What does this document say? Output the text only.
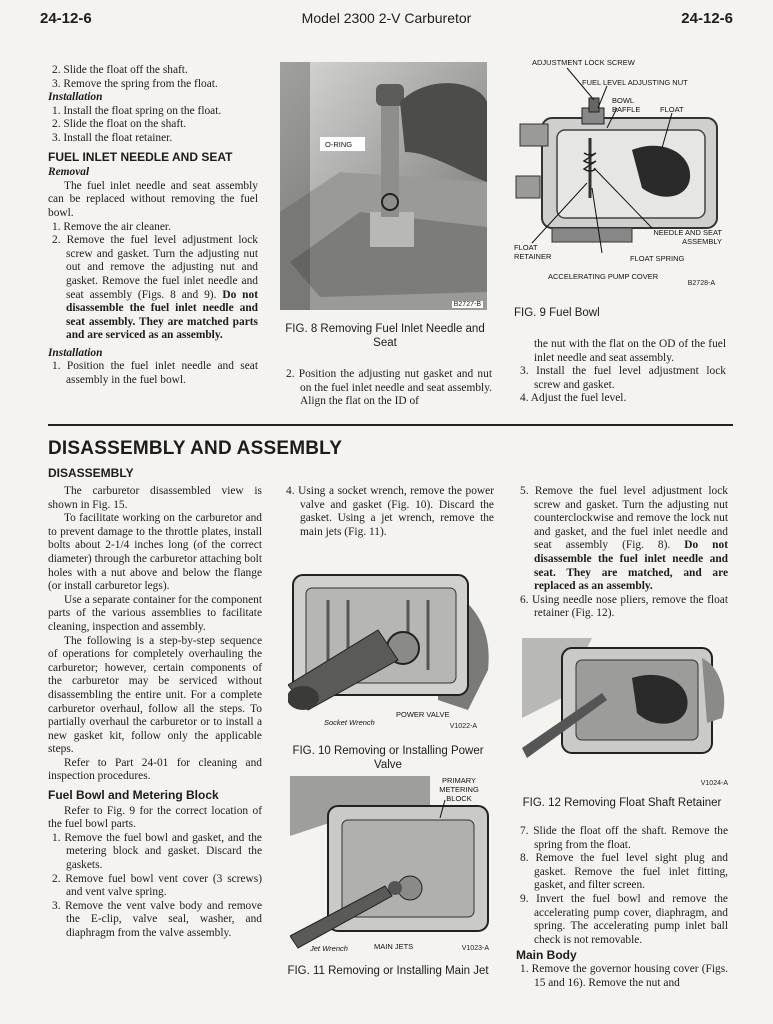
24-12-6	Model 2300 2-V Carburetor	24-12-6

2. Slide the float off the shaft.

3. Remove the spring from the float.

Installation

1. Install the float spring on the float.

2. Slide the float on the shaft.

3. Install the float retainer.

FUEL INLET NEEDLE AND SEAT

Removal

The fuel inlet needle and seat assembly can be replaced without removing the fuel bowl.

1. Remove the air cleaner.

2. Remove the fuel level adjustment lock screw and gasket. Turn the adjusting nut out and remove the adjusting nut and gasket. Remove the fuel inlet needle and seat assembly (Figs. 8 and 9). Do not disassemble the fuel inlet needle and seat assembly. They are matched parts and are serviced as an assembly.

Installation

1. Position the fuel inlet needle and seat assembly in the fuel bowl.

O-RING
B2727-B
FIG. 8 Removing Fuel Inlet Needle and Seat

2. Position the adjusting nut gasket and nut on the fuel inlet needle and seat assembly. Align the flat on the ID of

ADJUSTMENT LOCK SCREW
FUEL LEVEL ADJUSTING NUT
BOWL BAFFLE	FLOAT
NEEDLE AND SEAT ASSEMBLY
FLOAT RETAINER	FLOAT SPRING
ACCELERATING PUMP COVER
B2728-A
FIG. 9 Fuel Bowl

the nut with the flat on the OD of the fuel inlet needle and seat assembly.

3. Install the fuel level adjustment lock screw and gasket.

4. Adjust the fuel level.

DISASSEMBLY AND ASSEMBLY
DISASSEMBLY

The carburetor disassembled view is shown in Fig. 15.

To facilitate working on the carburetor and to prevent damage to the throttle plates, install bolts about 2-1/4 inches long (of the correct diameter) through the carburetor attaching bolt holes with a nut above and below the flange (or install carburetor legs).

Use a separate container for the component parts of the various assemblies to facilitate cleaning, inspection and assembly.

The following is a step-by-step sequence of operations for completely overhauling the carburetor; however, certain components of the carburetor may be serviced without disassembling the entire unit. For a complete carburetor overhaul, follow all the steps. To partially overhaul the carburetor or to install a new gasket kit, follow only the applicable steps.

Refer to Part 24-01 for cleaning and inspection procedures.

Fuel Bowl and Metering Block

Refer to Fig. 9 for the correct location of the fuel bowl parts.

1. Remove the fuel bowl and gasket, and the metering block and gasket. Discard the gaskets.

2. Remove fuel bowl vent cover (3 screws) and vent valve spring.

3. Remove the vent valve body and remove the E-clip, valve seal, washer, and diaphragm from the valve assembly.

4. Using a socket wrench, remove the power valve and gasket (Fig. 10). Discard the gasket. Using a jet wrench, remove the main jets (Fig. 11).

Socket Wrench
POWER VALVE
V1022-A
FIG. 10 Removing or Installing Power Valve
PRIMARY METERING BLOCK
Jet Wrench	MAIN JETS	V1023-A
FIG. 11 Removing or Installing Main Jet

5. Remove the fuel level adjustment lock screw and gasket. Turn the adjusting nut counterclockwise and remove the lock nut and gasket, and the fuel inlet needle and seat assembly (Fig. 8). Do not disassemble the fuel inlet needle and seat. They are matched, and are replaced as an assembly.

6. Using needle nose pliers, remove the float retainer (Fig. 12).

V1024-A
FIG. 12 Removing Float Shaft Retainer

7. Slide the float off the shaft. Remove the spring from the float.

8. Remove the fuel level sight plug and gasket. Remove the fuel inlet fitting, gasket, and filter screen.

9. Invert the fuel bowl and remove the accelerating pump cover, diaphragm, and spring. The accelerating pump inlet ball check is not removable.

Main Body

1. Remove the governor housing cover (Figs. 15 and 16). Remove the nut and
